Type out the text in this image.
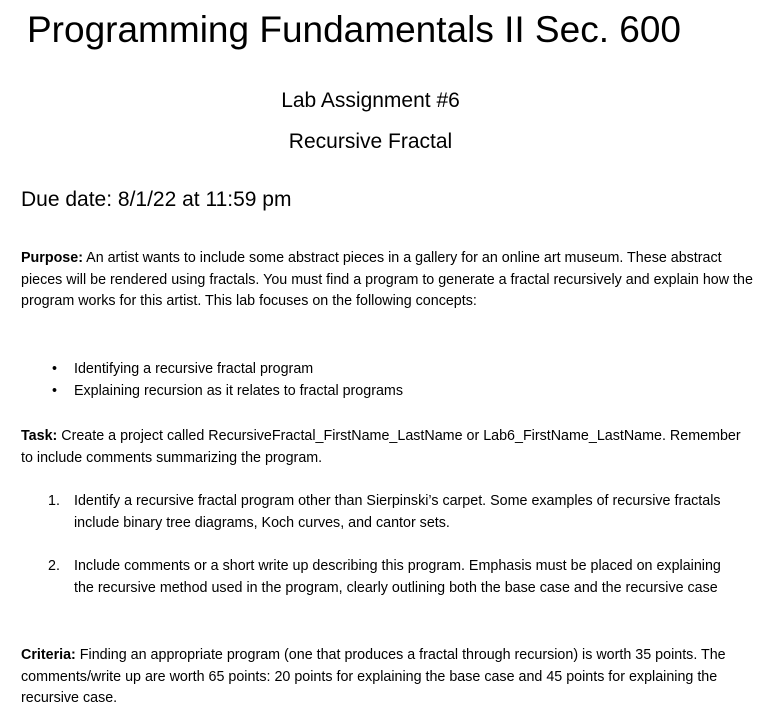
Programming Fundamentals II Sec. 600
Lab Assignment #6
Recursive Fractal
Due date: 8/1/22 at 11:59 pm

Purpose: An artist wants to include some abstract pieces in a gallery for an online art museum. These abstract pieces will be rendered using fractals. You must find a program to generate a fractal recursively and explain how the program works for this artist. This lab focuses on the following concepts:

• Identifying a recursive fractal program
• Explaining recursion as it relates to fractal programs

Task: Create a project called RecursiveFractal_FirstName_LastName or Lab6_FirstName_LastName. Remember to include comments summarizing the program.

1. Identify a recursive fractal program other than Sierpinski’s carpet. Some examples of recursive fractals include binary tree diagrams, Koch curves, and cantor sets.
2. Include comments or a short write up describing this program. Emphasis must be placed on explaining the recursive method used in the program, clearly outlining both the base case and the recursive case

Criteria: Finding an appropriate program (one that produces a fractal through recursion) is worth 35 points. The comments/write up are worth 65 points: 20 points for explaining the base case and 45 points for explaining the recursive case.
